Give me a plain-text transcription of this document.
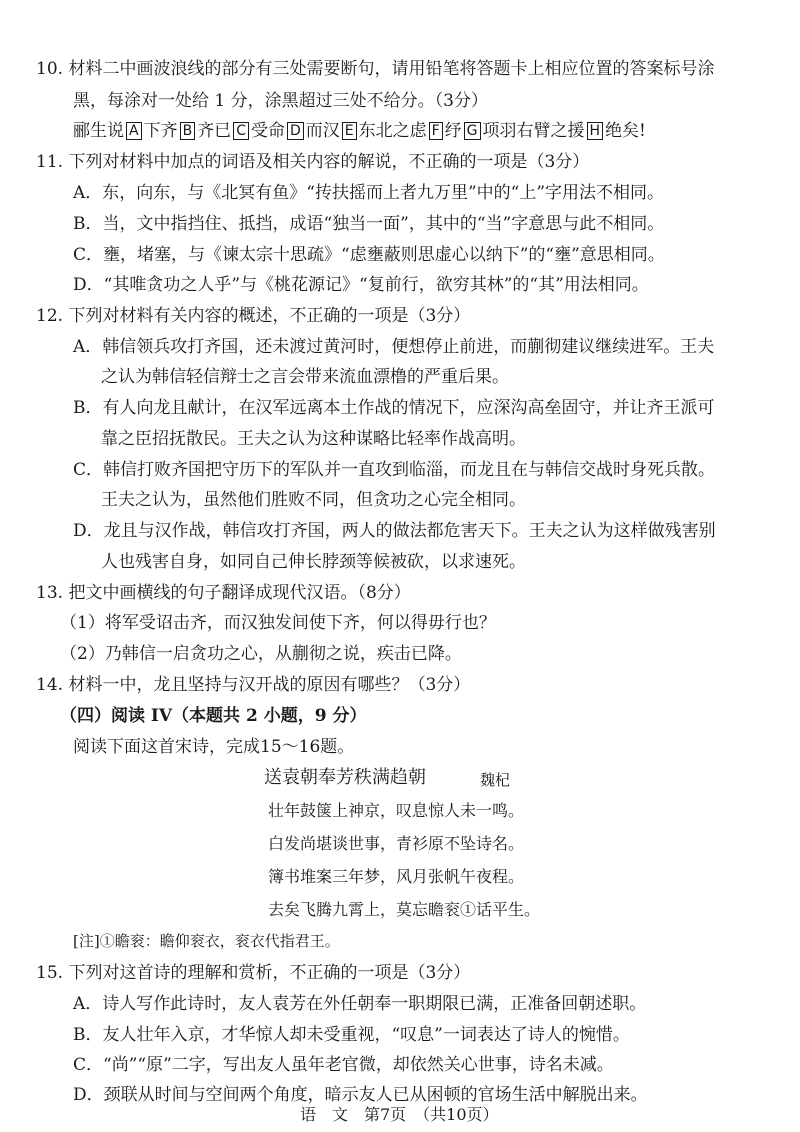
10. 材料二中画波浪线的部分有三处需要断句，请用铅笔将答题卡上相应位置的答案标号涂
黑，每涂对一处给 1 分，涂黑超过三处不给分。（3分）
郦生说 A 下齐 B 齐已 C 受命 D 而汉 E 东北之虑 F 纾 G 项羽右臂之援 H 绝矣!
11. 下列对材料中加点的词语及相关内容的解说，不正确的一项是（3分）
A．东，向东，与《北冥有鱼》“抟扶摇而上者九万里”中的“上”字用法不相同。
B．当，文中指挡住、抵挡，成语“独当一面”，其中的“当”字意思与此不相同。
C．壅，堵塞，与《谏太宗十思疏》“虑壅蔽则思虚心以纳下”的“壅”意思相同。
D．“其唯贪功之人乎”与《桃花源记》“复前行，欲穷其林”的“其”用法相同。
12. 下列对材料有关内容的概述，不正确的一项是（3分）
A．韩信领兵攻打齐国，还未渡过黄河时，便想停止前进，而蒯彻建议继续进军。王夫
之认为韩信轻信辩士之言会带来流血漂橹的严重后果。
B．有人向龙且献计，在汉军远离本土作战的情况下，应深沟高垒固守，并让齐王派可
靠之臣招抚散民。王夫之认为这种谋略比轻率作战高明。
C．韩信打败齐国把守历下的军队并一直攻到临淄，而龙且在与韩信交战时身死兵散。
王夫之认为，虽然他们胜败不同，但贪功之心完全相同。
D．龙且与汉作战，韩信攻打齐国，两人的做法都危害天下。王夫之认为这样做残害别
人也残害自身，如同自己伸长脖颈等候被砍，以求速死。
13. 把文中画横线的句子翻译成现代汉语。（8分）
（1）将军受诏击齐，而汉独发间使下齐，何以得毋行也？
（2）乃韩信一启贪功之心，从蒯彻之说，疾击已降。
14. 材料一中，龙且坚持与汉开战的原因有哪些？（3分）
（四）阅读 IV（本题共 2 小题，9 分）
阅读下面这首宋诗，完成15～16题。
送袁朝奉芳秩满趋朝	魏杞
壮年鼓箧上神京，叹息惊人未一鸣。
白发尚堪谈世事，青衫原不坠诗名。
簿书堆案三年梦，风月张帆午夜程。
去矣飞腾九霄上，莫忘瞻衮①话平生。
[注]①瞻衮：瞻仰衮衣，衮衣代指君王。
15. 下列对这首诗的理解和赏析，不正确的一项是（3分）
A．诗人写作此诗时，友人袁芳在外任朝奉一职期限已满，正准备回朝述职。
B．友人壮年入京，才华惊人却未受重视，“叹息”一词表达了诗人的惋惜。
C．“尚”“原”二字，写出友人虽年老官微，却依然关心世事，诗名未减。
D．颈联从时间与空间两个角度，暗示友人已从困顿的官场生活中解脱出来。
语　文　第7页　（共10页）
